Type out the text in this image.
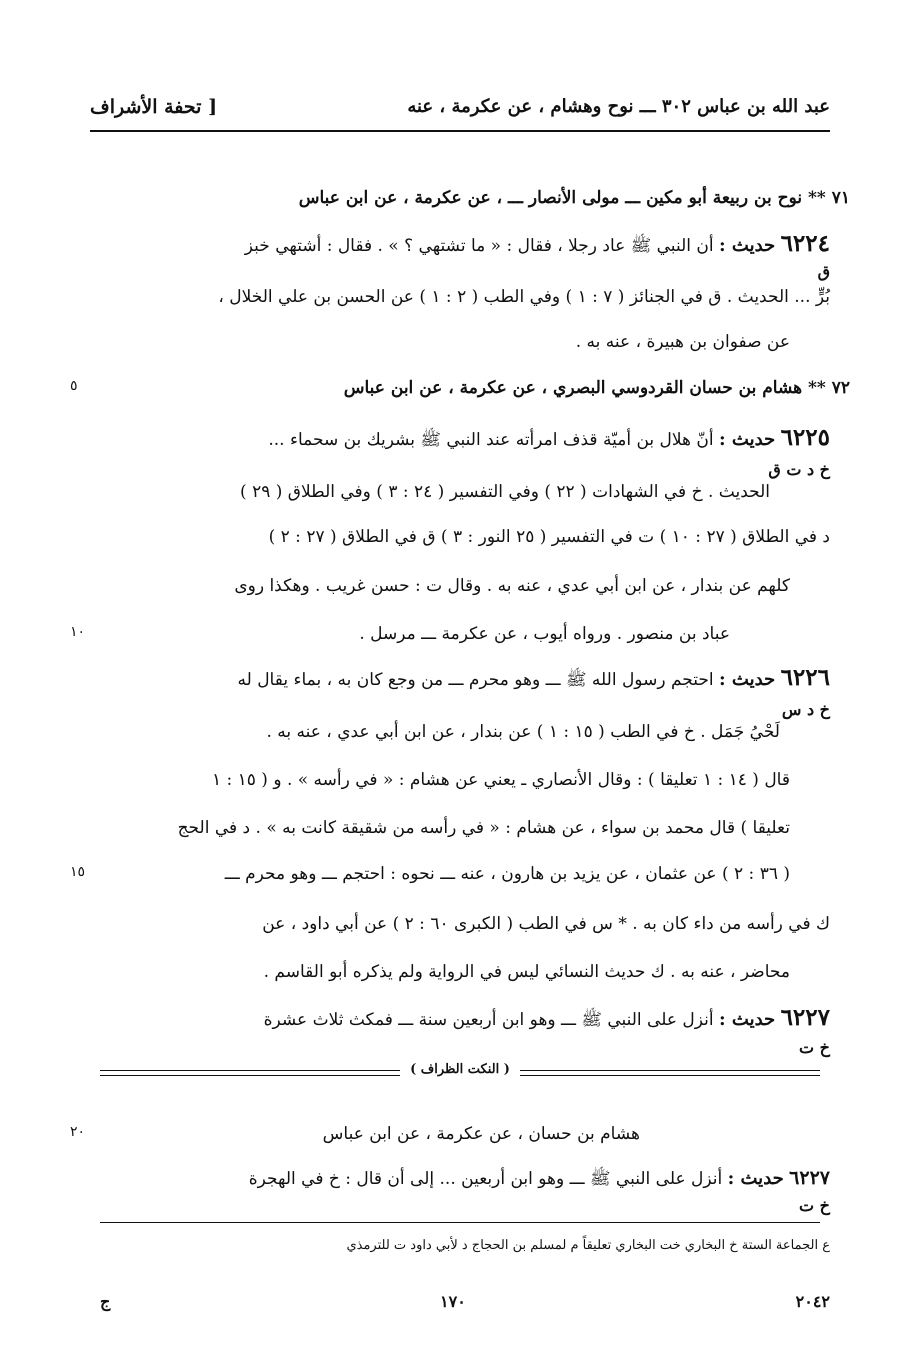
عبد الله بن عباس ٣٠٢ ـــ نوح وهشام ، عن عكرمة ، عنه
[ تحفة الأشراف
٧١ ** نوح بن ربيعة أبو مكين ـــ مولى الأنصار ـــ ، عن عكرمة ، عن ابن عباس
٦٢٢٤ حديث : أن النبي ﷺ عاد رجلا ، فقال : « ما تشتهي ؟ » . فقال : أشتهي خبز
ق
بُرٍّ ... الحديث . ق في الجنائز ( ٧ : ١ ) وفي الطب ( ٢ : ١ ) عن الحسن بن علي الخلال ،
عن صفوان بن هبيرة ، عنه به .
٧٢ ** هشام بن حسان القردوسي البصري ، عن عكرمة ، عن ابن عباس
٥
٦٢٢٥ حديث : أنّ هلال بن أميّة قذف امرأته عند النبي ﷺ بشريك بن سحماء ...
خ د ت ق
الحديث . خ في الشهادات ( ٢٢ ) وفي التفسير ( ٢٤ : ٣ ) وفي الطلاق ( ٢٩ )
د في الطلاق ( ٢٧ : ١٠ ) ت في التفسير ( ٢٥ النور : ٣ ) ق في الطلاق ( ٢٧ : ٢ )
كلهم عن بندار ، عن ابن أبي عدي ، عنه به . وقال ت : حسن غريب . وهكذا روى
عباد بن منصور . ورواه أيوب ، عن عكرمة ـــ مرسل .
١٠
٦٢٢٦ حديث : احتجم رسول الله ﷺ ـــ وهو محرم ـــ من وجع كان به ، بماء يقال له
خ د س
لَحْيُ جَمَل . خ في الطب ( ١٥ : ١ ) عن بندار ، عن ابن أبي عدي ، عنه به .
قال ( ١٤ : ١ تعليقا ) : وقال الأنصاري ـ يعني عن هشام : « في رأسه » . و ( ١٥ : ١
تعليقا ) قال محمد بن سواء ، عن هشام : « في رأسه من شقيقة كانت به » . د في الحج
( ٣٦ : ٢ ) عن عثمان ، عن يزيد بن هارون ، عنه ـــ نحوه : احتجم ـــ وهو محرم ـــ
١٥
ك في رأسه من داء كان به . * س في الطب ( الكبرى ٦٠ : ٢ ) عن أبي داود ، عن
محاضر ، عنه به . ك حديث النسائي ليس في الرواية ولم يذكره أبو القاسم .
٦٢٢٧ حديث : أنزل على النبي ﷺ ـــ وهو ابن أربعين سنة ـــ فمكث ثلاث عشرة
خ ت
( النكت الظراف )
هشام بن حسان ، عن عكرمة ، عن ابن عباس
٢٠
٦٢٢٧ حديث : أنزل على النبي ﷺ ـــ وهو ابن أربعين ... إلى أن قال : خ في الهجرة
خ ت
ع الجماعة الستة خ البخاري خت البخاري تعليقاً م لمسلم بن الحجاج د لأبي داود ت للترمذي
٢٠٤٢
١٧٠
ج
